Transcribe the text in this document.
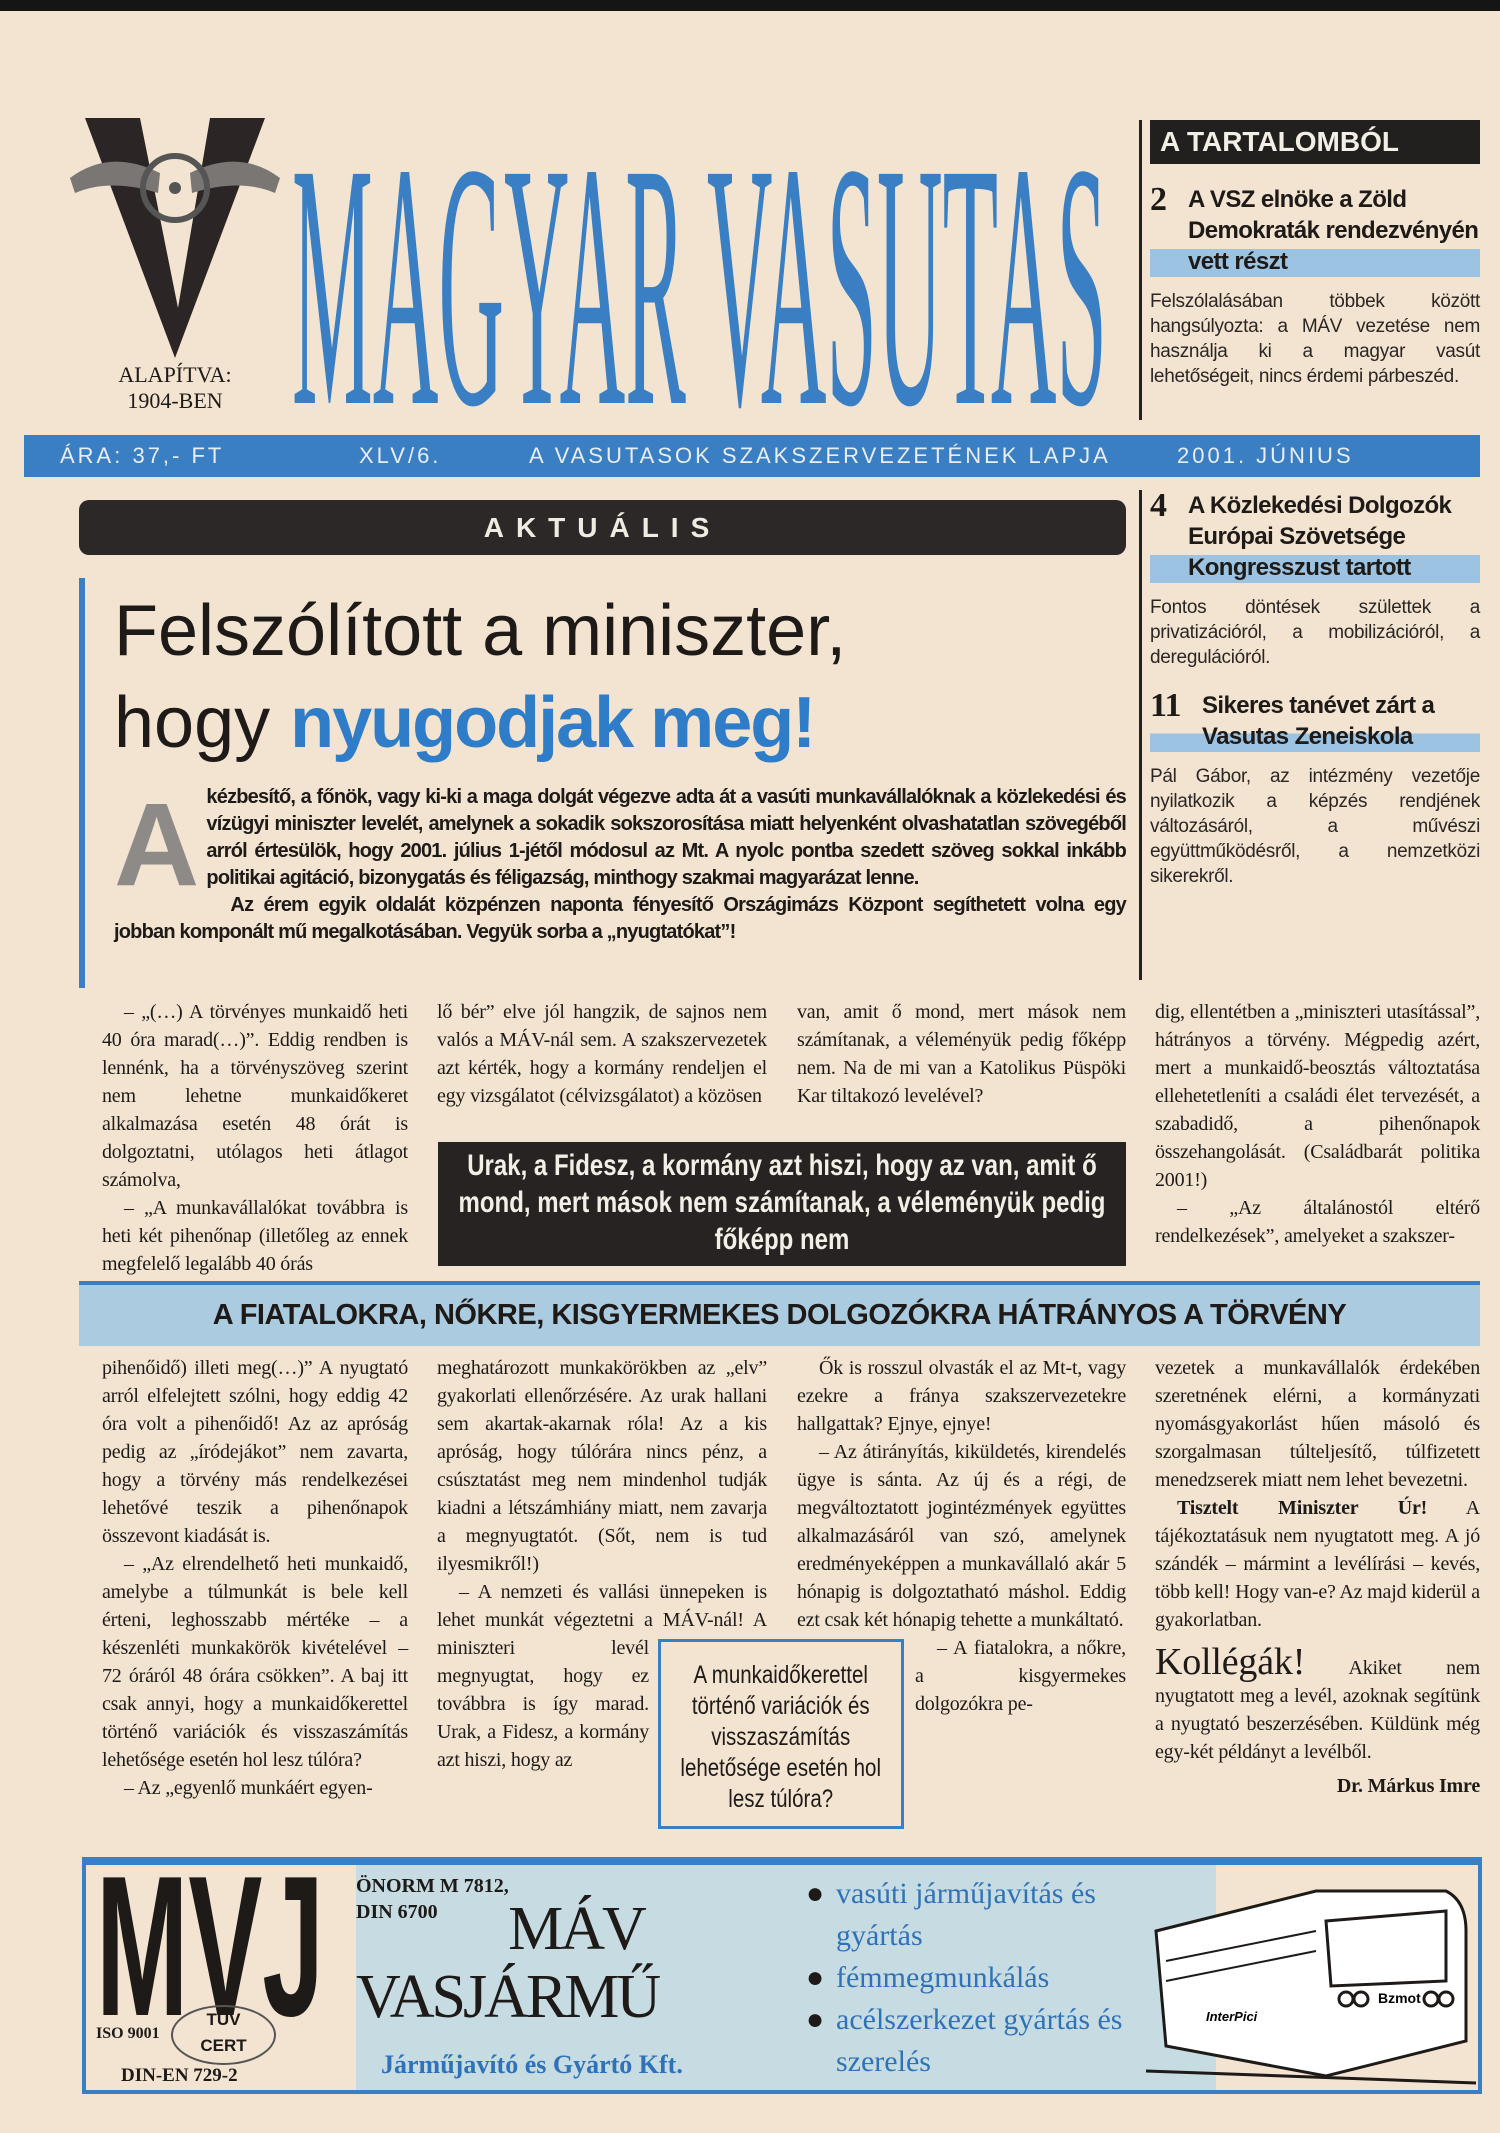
ALAPÍTVA:
1904-BEN MAGYAR VASUTAS
ÁRA: 37,- FT	XLV/6.	A VASUTASOK SZAKSZERVEZETÉNEK LAPJA	2001. JÚNIUS
A TARTALOMBÓL
2 A VSZ elnöke a Zöld Demokraták rendezvényén vett részt

Felszólalásában többek között hangsúlyozta: a MÁV vezetése nem használja ki a magyar vasút lehetőségeit, nincs érdemi párbeszéd.

4 A Közlekedési Dolgozók Európai Szövetsége Kongresszust tartott

Fontos döntések születtek a privatizációról, a mobilizációról, a deregulációról.

11 Sikeres tanévet zárt a Vasutas Zeneiskola

Pál Gábor, az intézmény vezetője nyilatkozik a képzés rendjének változásáról, a művészi együttműködésről, a nemzetközi sikerekről.

AKTUÁLIS
Felszólított a miniszter,
hogy nyugodjak meg!
A kézbesítő, a főnök, vagy ki-ki a maga dolgát végezve adta át a vasúti munkavállalóknak a közlekedési és vízügyi miniszter levelét, amelynek a sokadik sokszorosítása miatt helyenként olvashatatlan szövegéből arról értesülök, hogy 2001. július 1-jétől módosul az Mt. A nyolc pontba szedett szöveg sokkal inkább politikai agitáció, bizonygatás és féligazság, minthogy szakmai magyarázat lenne.

Az érem egyik oldalát közpénzen naponta fényesítő Országimázs Központ segíthetett volna egy jobban komponált mű megalkotásában. Vegyük sorba a „nyugtatókat”!

– „(…) A törvényes munkaidő heti 40 óra marad(…)”. Eddig rendben is lennénk, ha a törvényszöveg szerint nem lehetne munkaidőkeret alkalmazása esetén 48 órát is dolgoztatni, utólagos heti átlagot számolva,

– „A munkavállalókat továbbra is heti két pihenőnap (illetőleg az ennek megfelelő legalább 40 órás

lő bér” elve jól hangzik, de sajnos nem valós a MÁV-nál sem. A szakszervezetek azt kérték, hogy a kormány rendeljen el egy vizsgálatot (célvizsgálatot) a közösen

van, amit ő mond, mert mások nem számítanak, a véleményük pedig főképp nem. Na de mi van a Katolikus Püspöki Kar tiltakozó levelével?

dig, ellentétben a „miniszteri utasítással”, hátrányos a törvény. Mégpedig azért, mert a munkaidő-beosztás változtatása ellehetetleníti a családi élet tervezését, a szabadidő, a pihenőnapok összehangolását. (Családbarát politika 2001!)

– „Az általánostól eltérő rendelkezések”, amelyeket a szakszer-

Urak, a Fidesz, a kormány azt hiszi, hogy az van, amit ő mond, mert mások nem számítanak, a véleményük pedig főképp nem
A FIATALOKRA, NŐKRE, KISGYERMEKES DOLGOZÓKRA HÁTRÁNYOS A TÖRVÉNY

pihenőidő) illeti meg(…)” A nyugtató arról elfelejtett szólni, hogy eddig 42 óra volt a pihenőidő! Az az apróság pedig az „íródejákot” nem zavarta, hogy a törvény más rendelkezései lehetővé teszik a pihenőnapok összevont kiadását is.

– „Az elrendelhető heti munkaidő, amelybe a túlmunkát is bele kell érteni, leghosszabb mértéke – a készenléti munkakörök kivételével – 72 óráról 48 órára csökken”. A baj itt csak annyi, hogy a munkaidőkerettel történő variációk és visszaszámítás lehetősége esetén hol lesz túlóra?

– Az „egyenlő munkáért egyen-

meghatározott munkakörökben az „elv” gyakorlati ellenőrzésére. Az urak hallani sem akartak-akarnak róla! Az a kis apróság, hogy túlórára nincs pénz, a csúsztatást meg nem mindenhol tudják kiadni a létszámhiány miatt, nem zavarja a megnyugtatót. (Sőt, nem is tud ilyesmikről!)

– A nemzeti és vallási ünnepeken is lehet munkát végeztetni a MÁV-nál! A miniszteri levél megnyugtat, hogy ez továbbra is így marad. Urak, a Fidesz, a kormány azt hiszi, hogy az

Ők is rosszul olvasták el az Mt-t, vagy ezekre a fránya szakszervezetekre hallgattak? Ejnye, ejnye!

– Az átirányítás, kiküldetés, kirendelés ügye is sánta. Az új és a régi, de megváltoztatott jogintézmények együttes alkalmazásáról van szó, amelynek eredményeképpen a munkavállaló akár 5 hónapig is dolgoztatható máshol. Eddig ezt csak két hónapig tehette a munkáltató.

– A fiatalokra, a nőkre, a kisgyermekes dolgozókra pe-

vezetek a munkavállalók érdekében szeretnének elérni, a kormányzati nyomásgyakorlást hűen másoló és szorgalmasan túlteljesítő, túlfizetett menedzserek miatt nem lehet bevezetni.

Tisztelt Miniszter Úr! A tájékoztatásuk nem nyugtatott meg. A jó szándék – mármint a levélírási – kevés, több kell! Hogy van-e? Az majd kiderül a gyakorlatban.

Kollégák! Akiket nem nyugtatott meg a levél, azoknak segítünk a nyugtató beszerzésében. Küldünk még egy-két példányt a levélből.

Dr. Márkus Imre
A munkaidőkerettel történő variációk és visszaszámítás lehetősége esetén hol lesz túlóra?
MVJ ÖNORM M 7812,
DIN 6700	MÁV
VASJÁRMŰ
Járműjavító és Gyártó Kft.
ISO 9001
TÜV
CERT
DIN-EN 729-2
● vasúti járműjavítás és gyártás
● fémmegmunkálás
● acélszerkezet gyártás és szerelés
Bzmot
InterPici
